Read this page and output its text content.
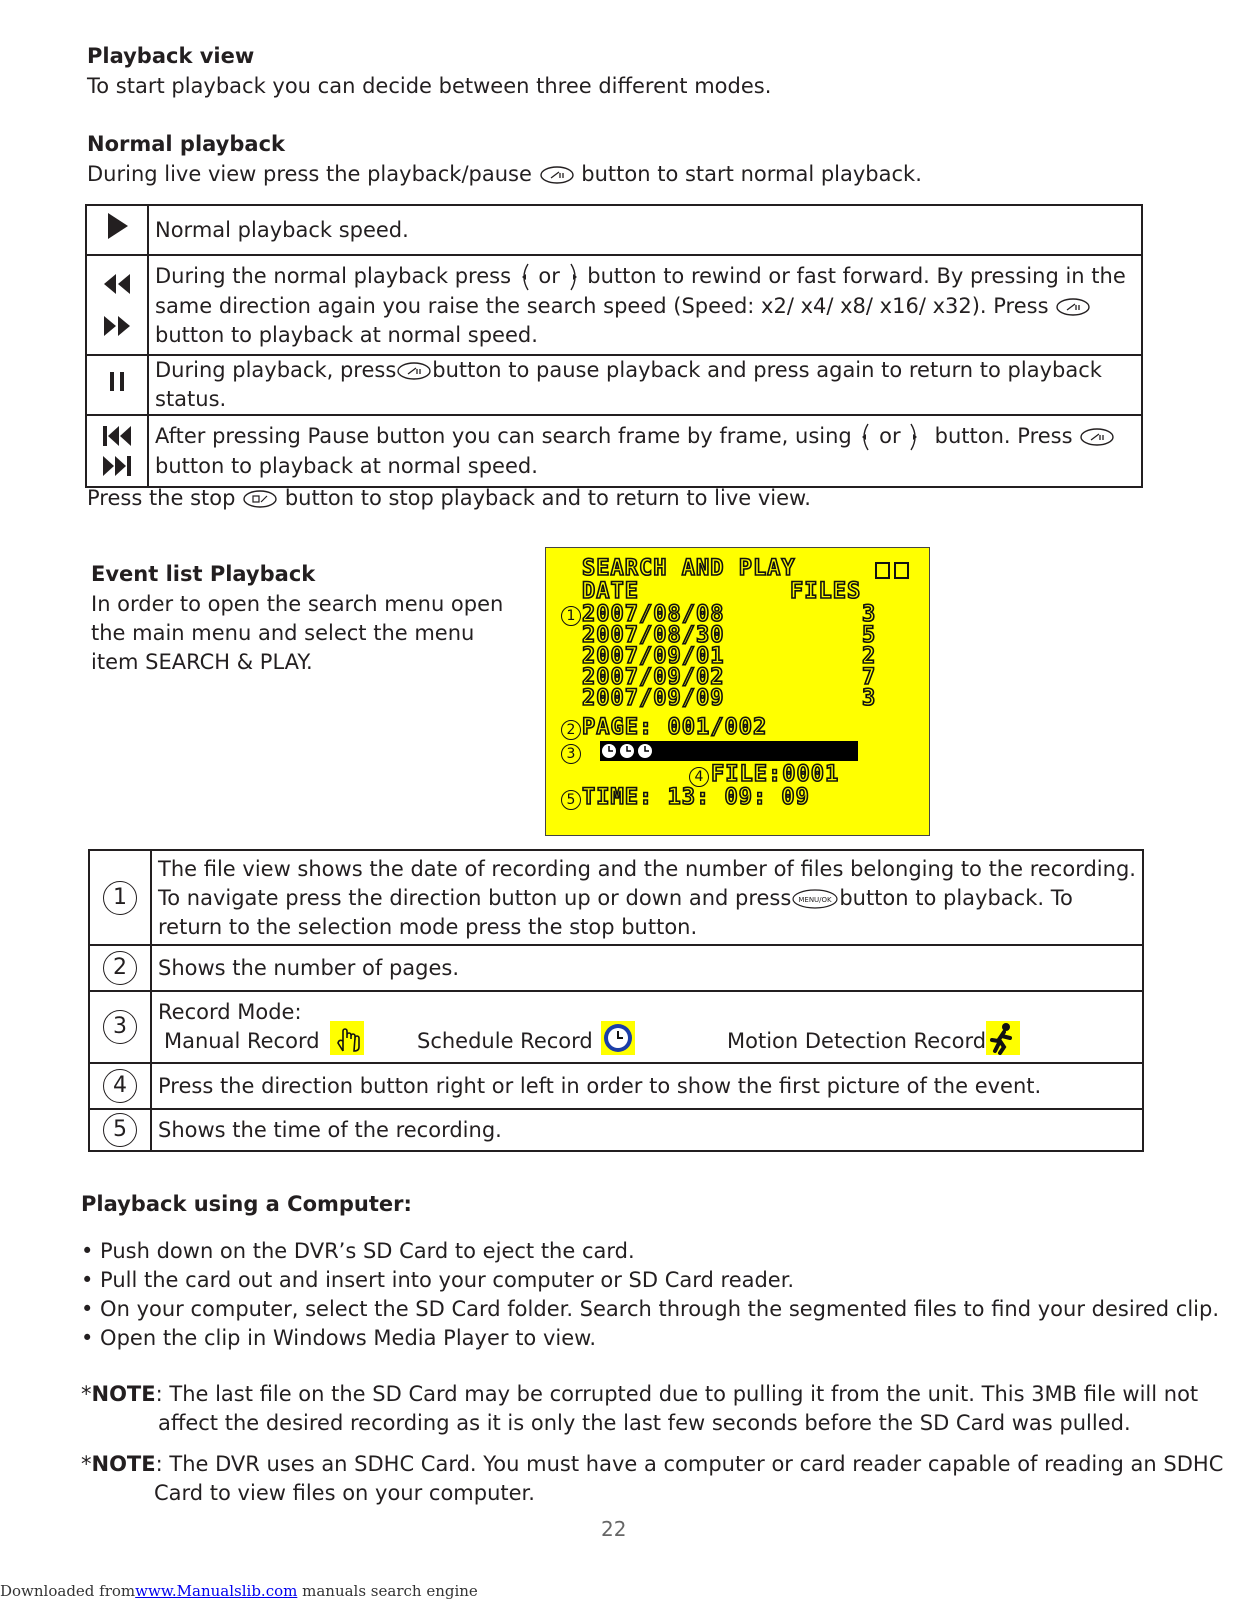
Playback view
To start playback you can decide between three different modes.
Normal playback
During live view press the playback/pause button to start normal playback.
	Normal playback speed.

	During the normal playback press or button to rewind or fast forward. By pressing in the same direction again you raise the search speed (Speed: x2/ x4/ x8/ x16/ x32). Press  button to playback at normal speed.
	During playback, press button to pause playback and press again to return to playback status.

	After pressing Pause button you can search frame by frame, using or button. Press  button to playback at normal speed.
Press the stop button to stop playback and to return to live view.
Event list Playback
In order to open the search menu open the main menu and select the menu item SEARCH & PLAY.
SEARCH AND PLAY
DATE	FILES
1 2007/08/08	3
2007/08/30	5
2007/09/01	2
2007/09/02	7
2007/09/09	3
2 PAGE: 001/002
3
4 FILE:0001
5 TIME: 13: 09: 09
1	The file view shows the date of recording and the number of files belonging to the recording. To navigate press the direction button up or down and press MENU/OK button to playback. To return to the selection mode press the stop button.
2	Shows the number of pages.
3	Record Mode:
Manual Record Schedule Record Motion Detection Record

4	Press the direction button right or left in order to show the first picture of the event.
5	Shows the time of the recording.
Playback using a Computer:
• Push down on the DVR’s SD Card to eject the card.
• Pull the card out and insert into your computer or SD Card reader.
• On your computer, select the SD Card folder. Search through the segmented files to find your desired clip.
• Open the clip in Windows Media Player to view.
*NOTE: The last file on the SD Card may be corrupted due to pulling it from the unit. This 3MB file will not
affect the desired recording as it is only the last few seconds before the SD Card was pulled.
*NOTE: The DVR uses an SDHC Card. You must have a computer or card reader capable of reading an SDHC
Card to view files on your computer.
22
Downloaded fromwww.Manualslib.com manuals search engine
